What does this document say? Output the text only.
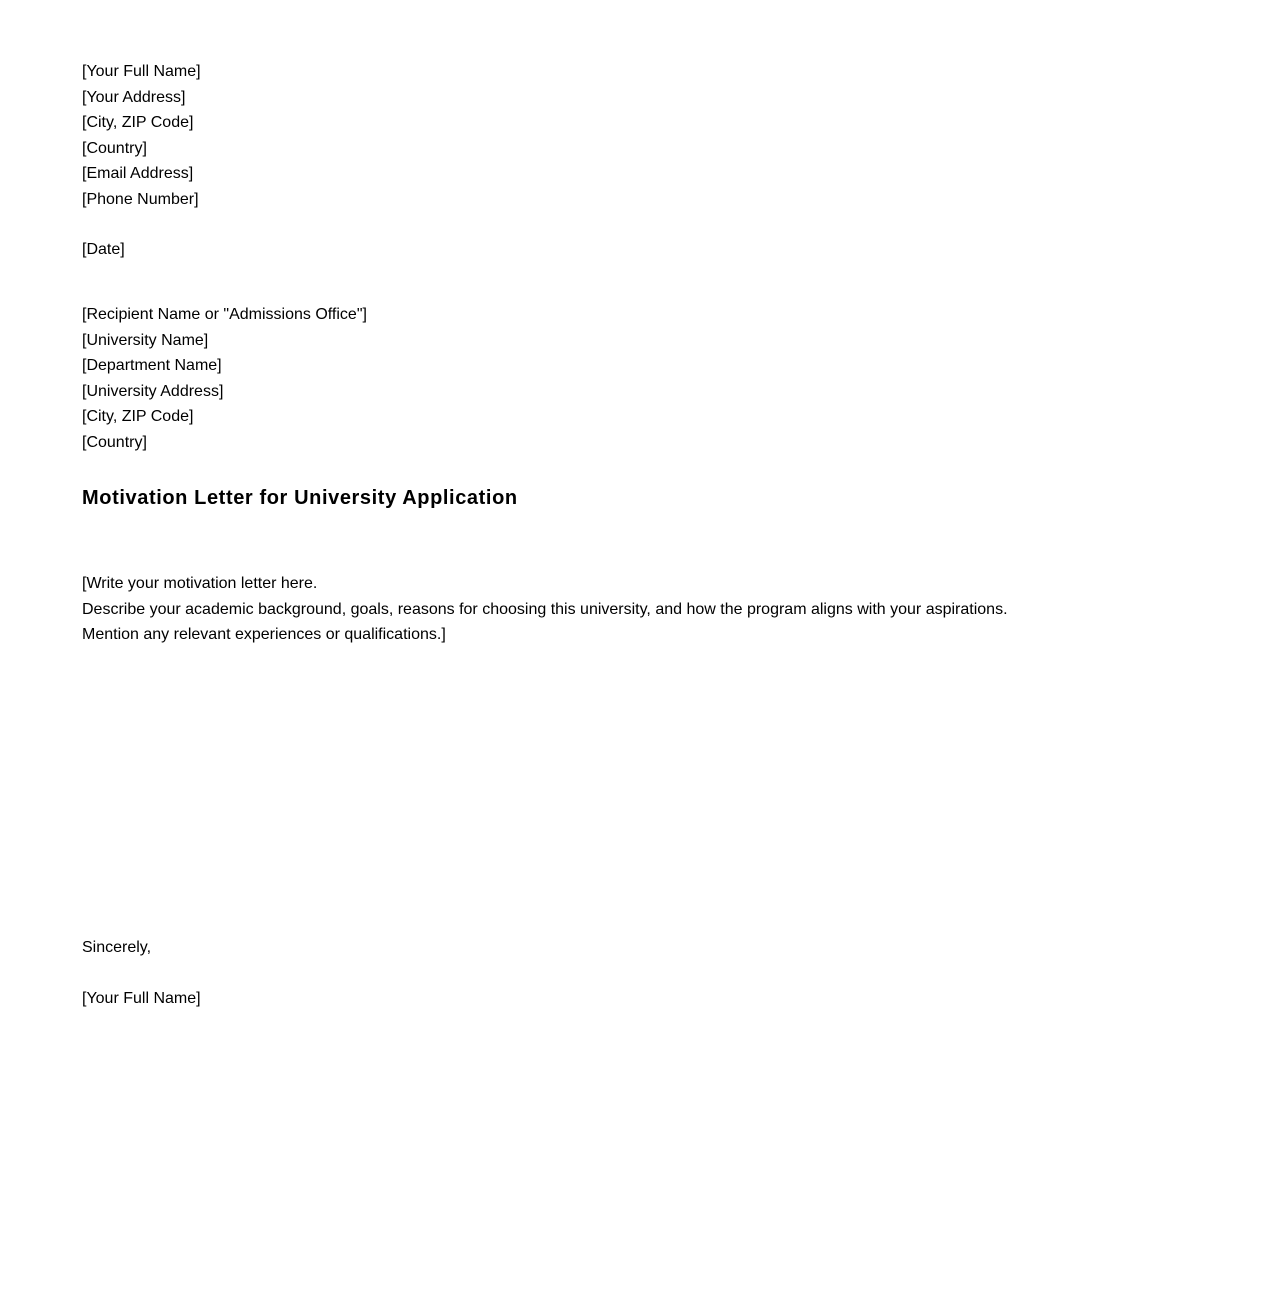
[Your Full Name]
[Your Address]
[City, ZIP Code]
[Country]
[Email Address]
[Phone Number]
[Date]
[Recipient Name or "Admissions Office"]
[University Name]
[Department Name]
[University Address]
[City, ZIP Code]
[Country]
Motivation Letter for University Application
[Write your motivation letter here.
Describe your academic background, goals, reasons for choosing this university, and how the program aligns with your aspirations.
Mention any relevant experiences or qualifications.]
Sincerely,
[Your Full Name]
